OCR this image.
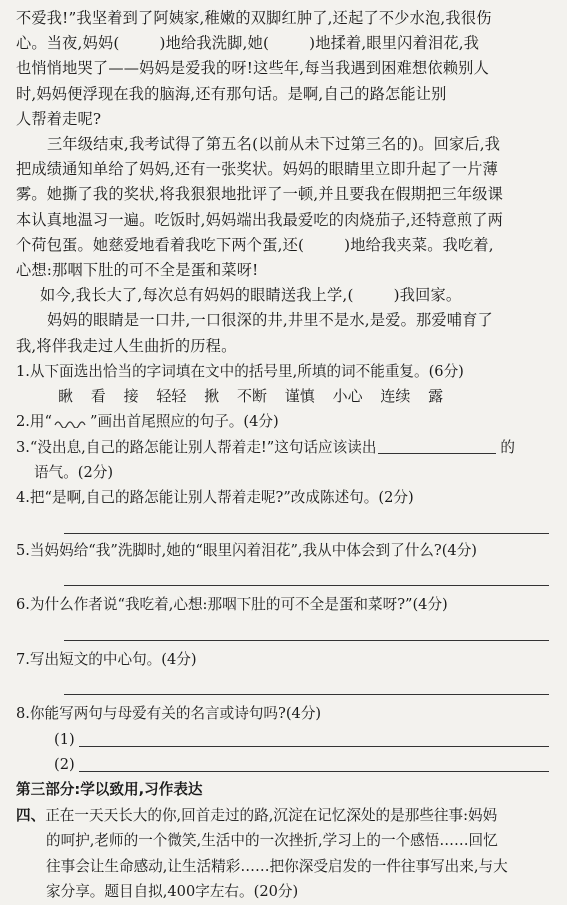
不爱我!”我坚着到了阿姨家,稚嫩的双脚红肿了,还起了不少水泡,我很伤
心。当夜,妈妈(	)地给我洗脚,她(	)地揉着,眼里闪着泪花,我
也悄悄地哭了——妈妈是爱我的呀!这些年,每当我遇到困难想依赖别人
时,妈妈便浮现在我的脑海,还有那句话。是啊,自己的路怎能让别
人帮着走呢?
三年级结束,我考试得了第五名(以前从未下过第三名的)。回家后,我
把成绩通知单给了妈妈,还有一张奖状。妈妈的眼睛里立即升起了一片薄
雾。她撕了我的奖状,将我狠狠地批评了一顿,并且要我在假期把三年级课
本认真地温习一遍。吃饭时,妈妈端出我最爱吃的肉烧茄子,还特意煎了两
个荷包蛋。她慈爱地看着我吃下两个蛋,还(	)地给我夹菜。我吃着,
心想:那咽下肚的可不全是蛋和菜呀!
如今,我长大了,每次总有妈妈的眼睛送我上学,(	)我回家。
妈妈的眼睛是一口井,一口很深的井,井里不是水,是爱。那爱哺育了
我,将伴我走过人生曲折的历程。
1.从下面选出恰当的字词填在文中的括号里,所填的词不能重复。(6分)
瞅 看 接 轻轻 揪 不断 谨慎 小心 连续 露
2.用“	”画出首尾照应的句子。(4分)
3.“没出息,自己的路怎能让别人帮着走!”这句话应该读出	的
语气。(2分)
4.把“是啊,自己的路怎能让别人帮着走呢?”改成陈述句。(2分)
5.当妈妈给“我”洗脚时,她的“眼里闪着泪花”,我从中体会到了什么?(4分)
6.为什么作者说“我吃着,心想:那咽下肚的可不全是蛋和菜呀?”(4分)
7.写出短文的中心句。(4分)
8.你能写两句与母爱有关的名言或诗句吗?(4分)
(1)
(2)
第三部分:学以致用,习作表达
四、正在一天天长大的你,回首走过的路,沉淀在记忆深处的是那些往事:妈妈
的呵护,老师的一个微笑,生活中的一次挫折,学习上的一个感悟……回忆
往事会让生命感动,让生活精彩……把你深受启发的一件往事写出来,与大
家分享。题目自拟,400字左右。(20分)
